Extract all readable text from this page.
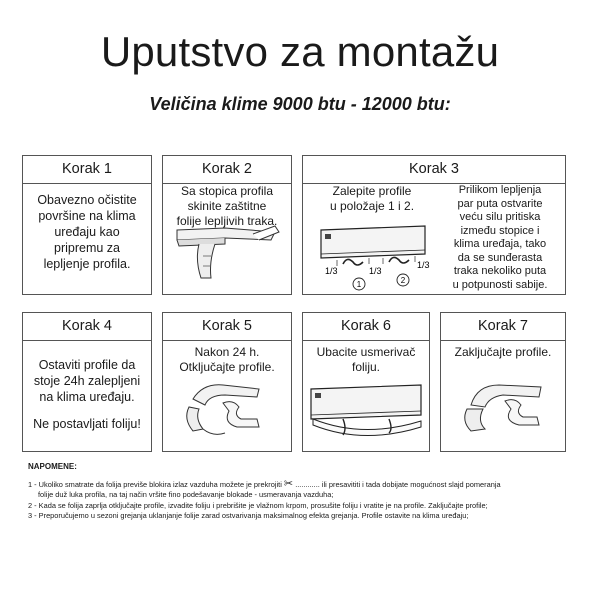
Uputstvo za montažu
Veličina klime 9000 btu - 12000 btu:
Korak 1
Obavezno očistite
površine na klima
uređaju kao
pripremu za
lepljenje profila.
Korak 2
Sa stopica profila
skinite zaštitne
folije lepljivih traka.
Korak 3
Zalepite profile
u položaje 1 i 2.
Prilikom lepljenja
par puta ostvarite
veću silu pritiska
između stopice i
klima uređaja, tako
da se sunđerasta
traka nekoliko puta
u potpunosti sabije.
1/3	1/3
1/3
1	2
Korak 4
Ostaviti profile da
stoje 24h zalepljeni
na klima uređaju.
Ne postavljati foliju!
Korak 5
Nakon 24 h.
Otključajte profile.
Korak 6
Ubacite usmerivač
foliju.
Korak 7
Zaključajte profile.
NAPOMENE:
1 - Ukoliko smatrate da folija previše blokira izlaz vazduha možete je prekrojiti ✂ ............ ili presavititi i tada dobijate mogućnost slajd pomeranja
folije duž luka profila, na taj način vršite fino podešavanje blokade - usmeravanja vazduha;
2 - Kada se folija zaprlja otključajte profile, izvadite foliju i prebrišite je vlažnom krpom, prosušite foliju i vratite je na profile. Zaključajte profile;
3 - Preporučujemo u sezoni grejanja uklanjanje folije zarad ostvarivanja maksimalnog efekta grejanja. Profile ostavite na klima uređaju;
